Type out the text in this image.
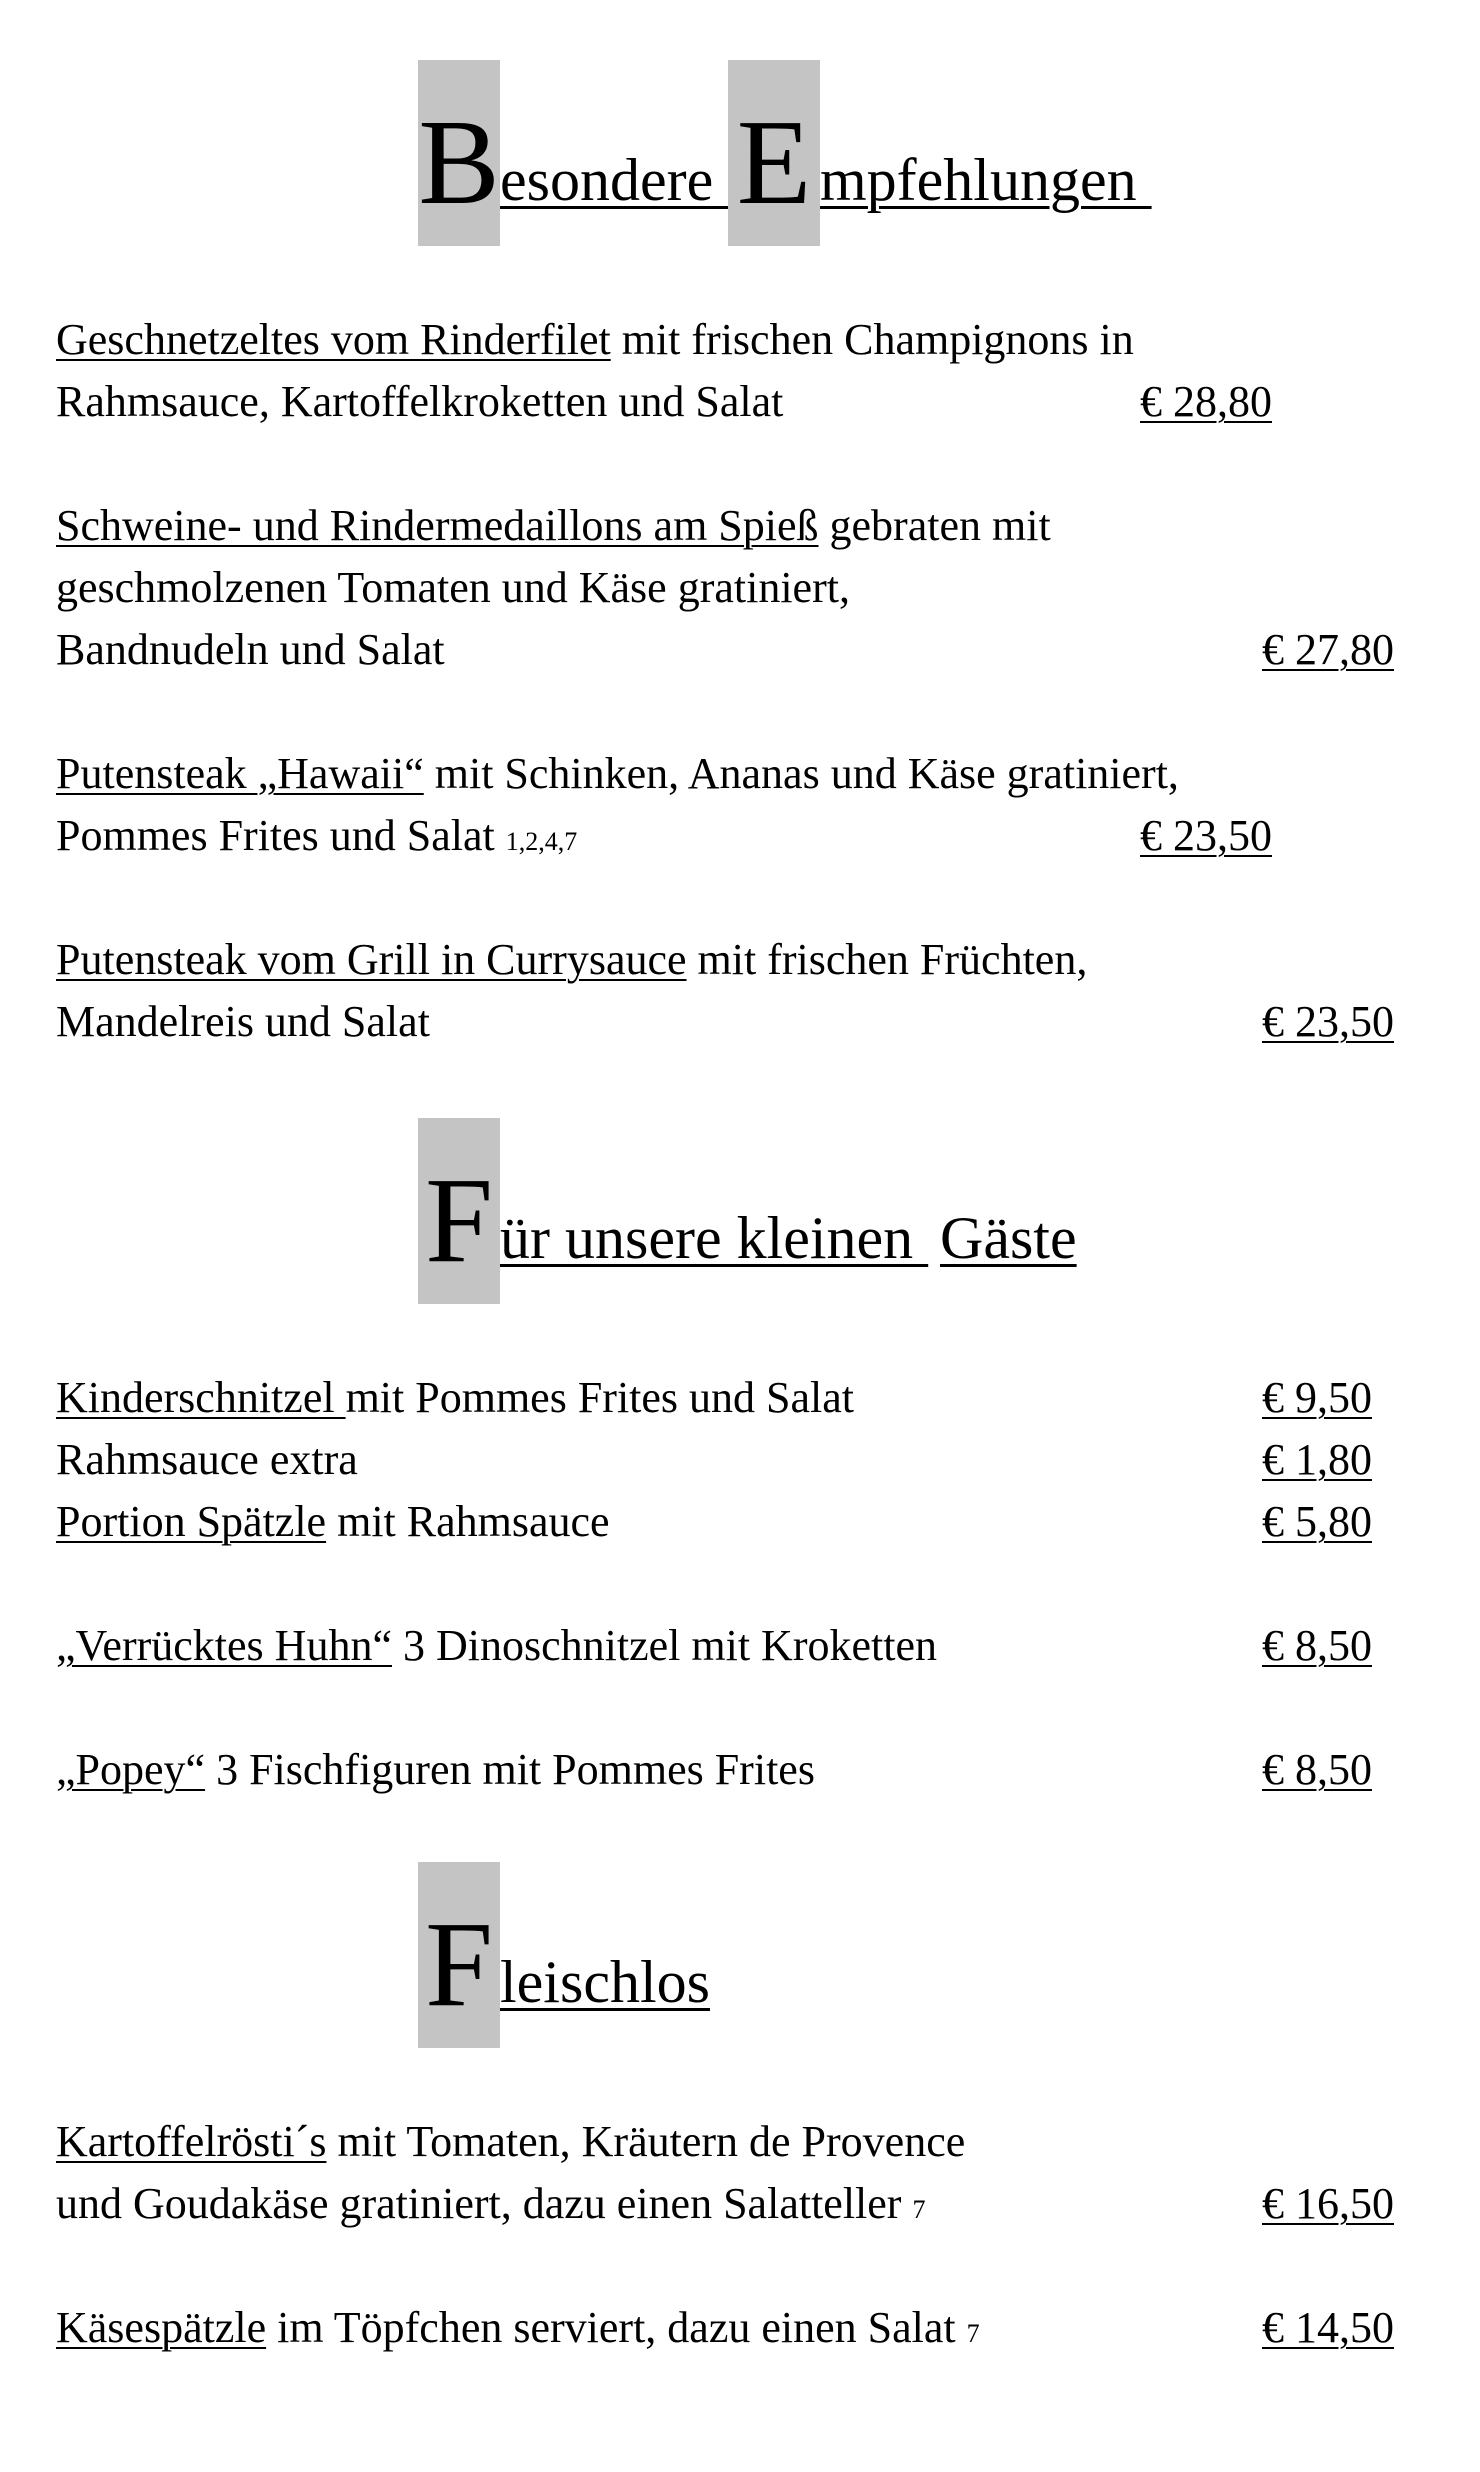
B esondere E mpfehlungen
Geschnetzeltes vom Rinderfilet mit frischen Champignons in
Rahmsauce, Kartoffelkroketten und Salat	€ 28,80
Schweine- und Rindermedaillons am Spieß gebraten mit
geschmolzenen Tomaten und Käse gratiniert,
Bandnudeln und Salat	€ 27,80
Putensteak „Hawaii“ mit Schinken, Ananas und Käse gratiniert,
Pommes Frites und Salat 1,2,4,7	€ 23,50
Putensteak vom Grill in Currysauce mit frischen Früchten,
Mandelreis und Salat	€ 23,50
F ür unsere kleinen Gäste
Kinderschnitzel mit Pommes Frites und Salat	€ 9,50
Rahmsauce extra	€ 1,80
Portion Spätzle mit Rahmsauce	€ 5,80
„Verrücktes Huhn“ 3 Dinoschnitzel mit Kroketten	€ 8,50
„Popey“ 3 Fischfiguren mit Pommes Frites	€ 8,50
F leischlos
Kartoffelrösti´s mit Tomaten, Kräutern de Provence
und Goudakäse gratiniert, dazu einen Salatteller 7	€ 16,50
Käsespätzle im Töpfchen serviert, dazu einen Salat 7	€ 14,50
